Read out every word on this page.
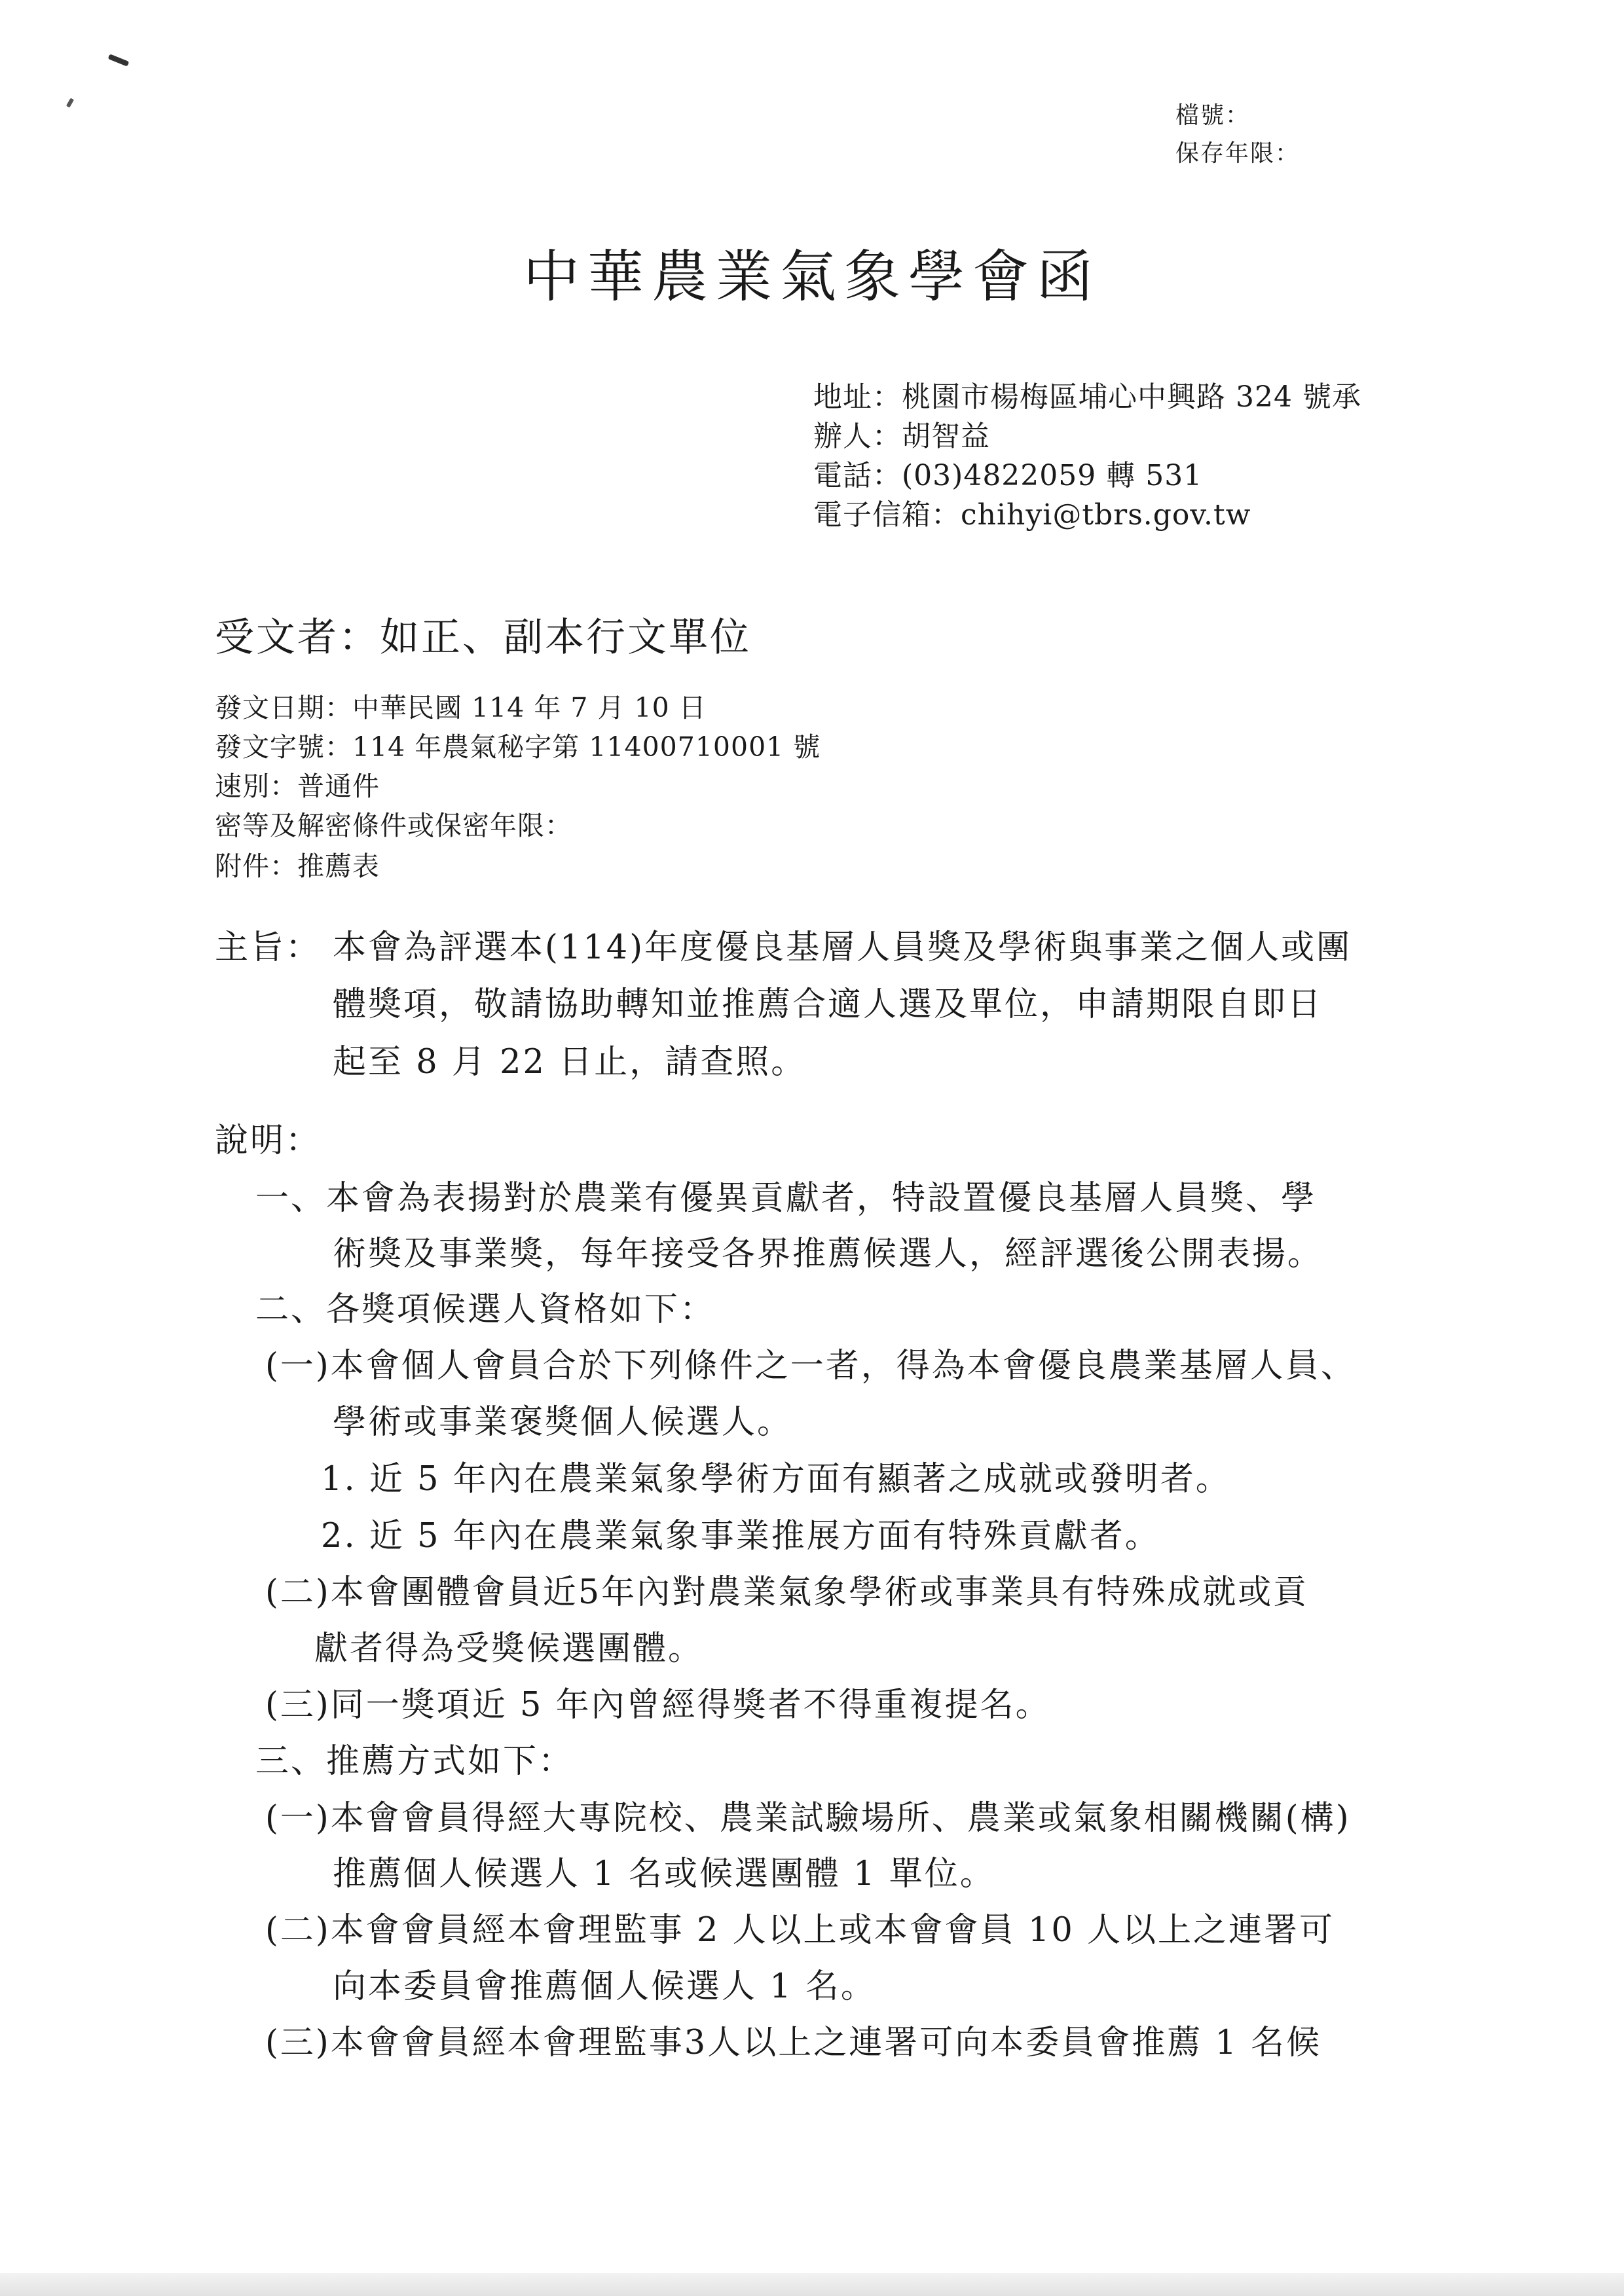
檔號：
保存年限：
中華農業氣象學會函
地址：桃園市楊梅區埔心中興路 324 號承
辦人：胡智益
電話：(03)4822059 轉 531
電子信箱：chihyi@tbrs.gov.tw
受文者：如正、副本行文單位
發文日期：中華民國 114 年 7 月 10 日
發文字號：114 年農氣秘字第 11400710001 號
速別：普通件
密等及解密條件或保密年限：
附件：推薦表
主旨： 本會為評選本(114)年度優良基層人員獎及學術與事業之個人或團
體獎項，敬請協助轉知並推薦合適人選及單位，申請期限自即日
起至 8 月 22 日止，請查照。
說明：
一、本會為表揚對於農業有優異貢獻者，特設置優良基層人員獎、學
術獎及事業獎，每年接受各界推薦候選人，經評選後公開表揚。
二、各獎項候選人資格如下：
(一)本會個人會員合於下列條件之一者，得為本會優良農業基層人員、
學術或事業褒獎個人候選人。
1. 近 5 年內在農業氣象學術方面有顯著之成就或發明者。
2. 近 5 年內在農業氣象事業推展方面有特殊貢獻者。
(二)本會團體會員近5年內對農業氣象學術或事業具有特殊成就或貢
獻者得為受獎候選團體。
(三)同一獎項近 5 年內曾經得獎者不得重複提名。
三、推薦方式如下：
(一)本會會員得經大專院校、農業試驗場所、農業或氣象相關機關(構)
推薦個人候選人 1 名或候選團體 1 單位。
(二)本會會員經本會理監事 2 人以上或本會會員 10 人以上之連署可
向本委員會推薦個人候選人 1 名。
(三)本會會員經本會理監事3人以上之連署可向本委員會推薦 1 名候
